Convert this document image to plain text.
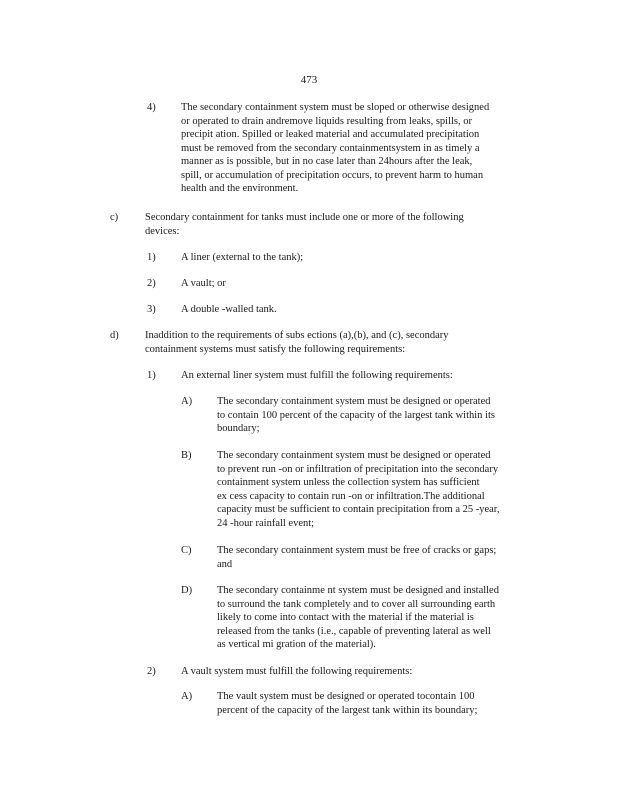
473
4) The secondary containment system must be sloped or otherwise designed
or operated to drain andremove liquids resulting from leaks, spills, or
precipit ation. Spilled or leaked material and accumulated precipitation
must be removed from the secondary containmentsystem in as timely a
manner as is possible, but in no case later than 24hours after the leak,
spill, or accumulation of precipitation occurs, to prevent harm to human
health and the environment.
c)	Secondary containment for tanks must include one or more of the following
devices:
1) A liner (external to the tank);
2) A vault; or
3) A double -walled tank.
d)	Inaddition to the requirements of subs ections (a),(b), and (c), secondary
containment systems must satisfy the following requirements:
1) An external liner system must fulfill the following requirements:
A) The secondary containment system must be designed or operated
to contain 100 percent of the capacity of the largest tank within its
boundary;
B) The secondary containment system must be designed or operated
to prevent run -on or infiltration of precipitation into the secondary
containment system unless the collection system has sufficient
ex cess capacity to contain run -on or infiltration.The additional
capacity must be sufficient to contain precipitation from a 25 -year,
24 -hour rainfall event;
C) The secondary containment system must be free of cracks or gaps;
and
D) The secondary containme nt system must be designed and installed
to surround the tank completely and to cover all surrounding earth
likely to come into contact with the material if the material is
released from the tanks (i.e., capable of preventing lateral as well
as vertical mi gration of the material).
2) A vault system must fulfill the following requirements:
A) The vault system must be designed or operated tocontain 100
percent of the capacity of the largest tank within its boundary;
